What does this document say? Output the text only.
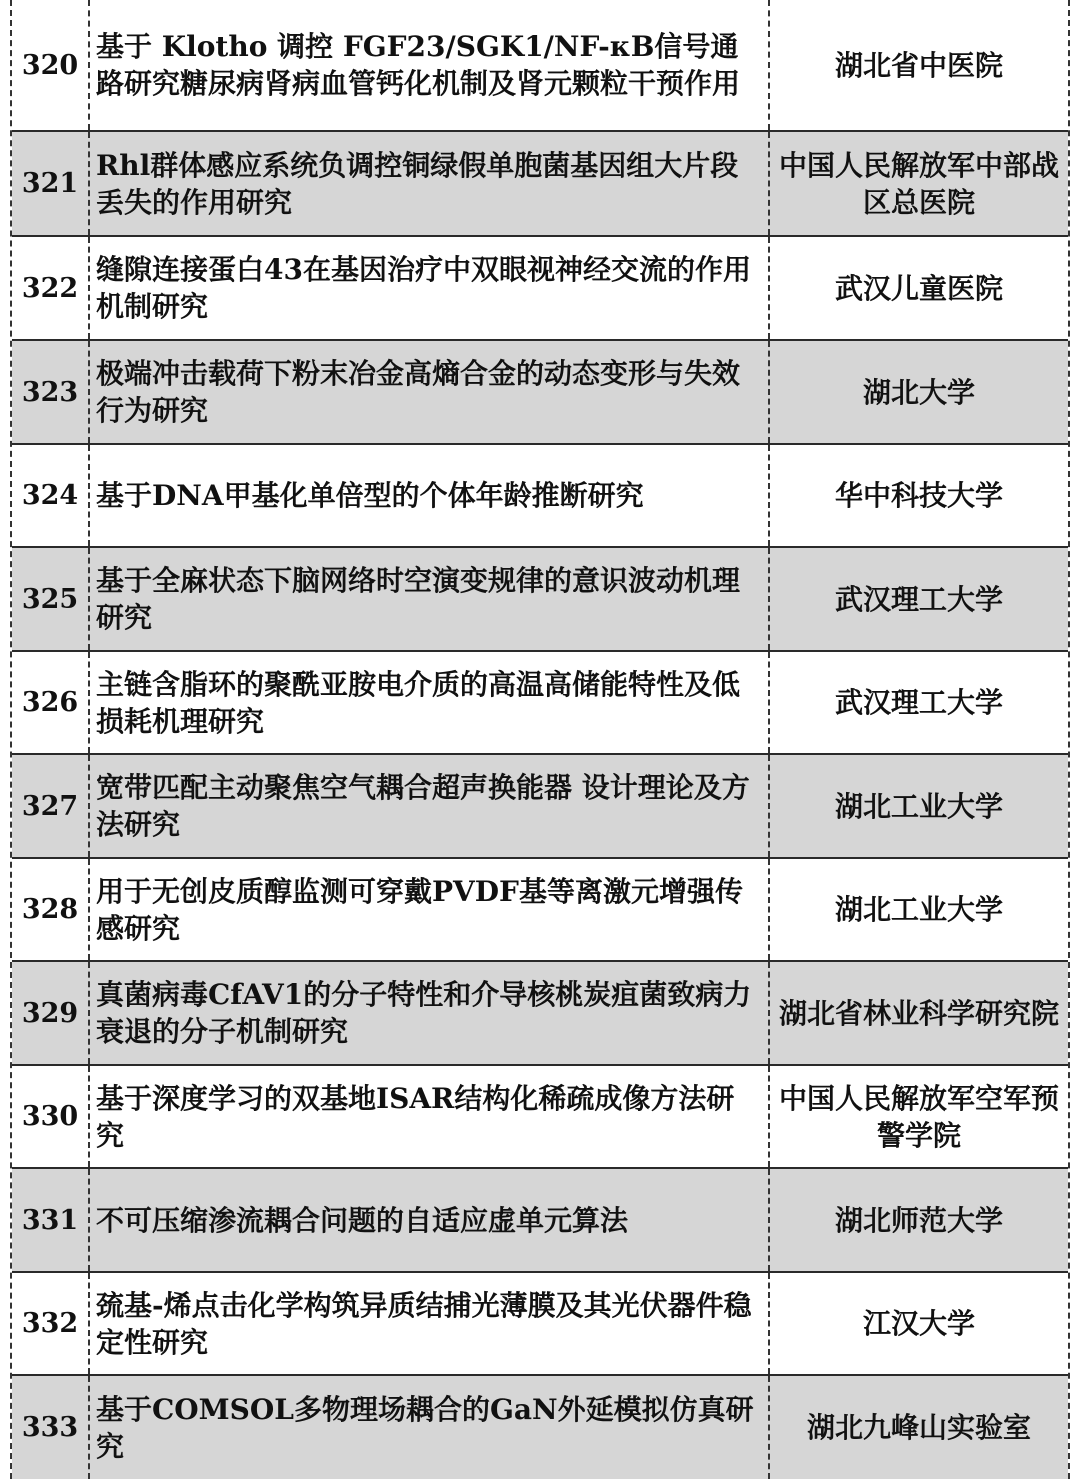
320
基于 Klotho 调控 FGF23/SGK1/NF-κB信号通路研究糖尿病肾病血管钙化机制及肾元颗粒干预作用
湖北省中医院
321
Rhl群体感应系统负调控铜绿假单胞菌基因组大片段丢失的作用研究
中国人民解放军中部战区总医院
322
缝隙连接蛋白43在基因治疗中双眼视神经交流的作用机制研究
武汉儿童医院
323
极端冲击载荷下粉末冶金高熵合金的动态变形与失效行为研究
湖北大学
324 基于DNA甲基化单倍型的个体年龄推断研究	华中科技大学
325
基于全麻状态下脑网络时空演变规律的意识波动机理研究
武汉理工大学
326
主链含脂环的聚酰亚胺电介质的高温高储能特性及低损耗机理研究
武汉理工大学
327
宽带匹配主动聚焦空气耦合超声换能器 设计理论及方法研究
湖北工业大学
328
用于无创皮质醇监测可穿戴PVDF基等离激元增强传感研究
湖北工业大学
329
真菌病毒CfAV1的分子特性和介导核桃炭疽菌致病力衰退的分子机制研究
湖北省林业科学研究院
330
基于深度学习的双基地ISAR结构化稀疏成像方法研究
中国人民解放军空军预警学院
331 不可压缩渗流耦合问题的自适应虚单元算法	湖北师范大学
332
巯基-烯点击化学构筑异质结捕光薄膜及其光伏器件稳定性研究
江汉大学
333
基于COMSOL多物理场耦合的GaN外延模拟仿真研究
湖北九峰山实验室
